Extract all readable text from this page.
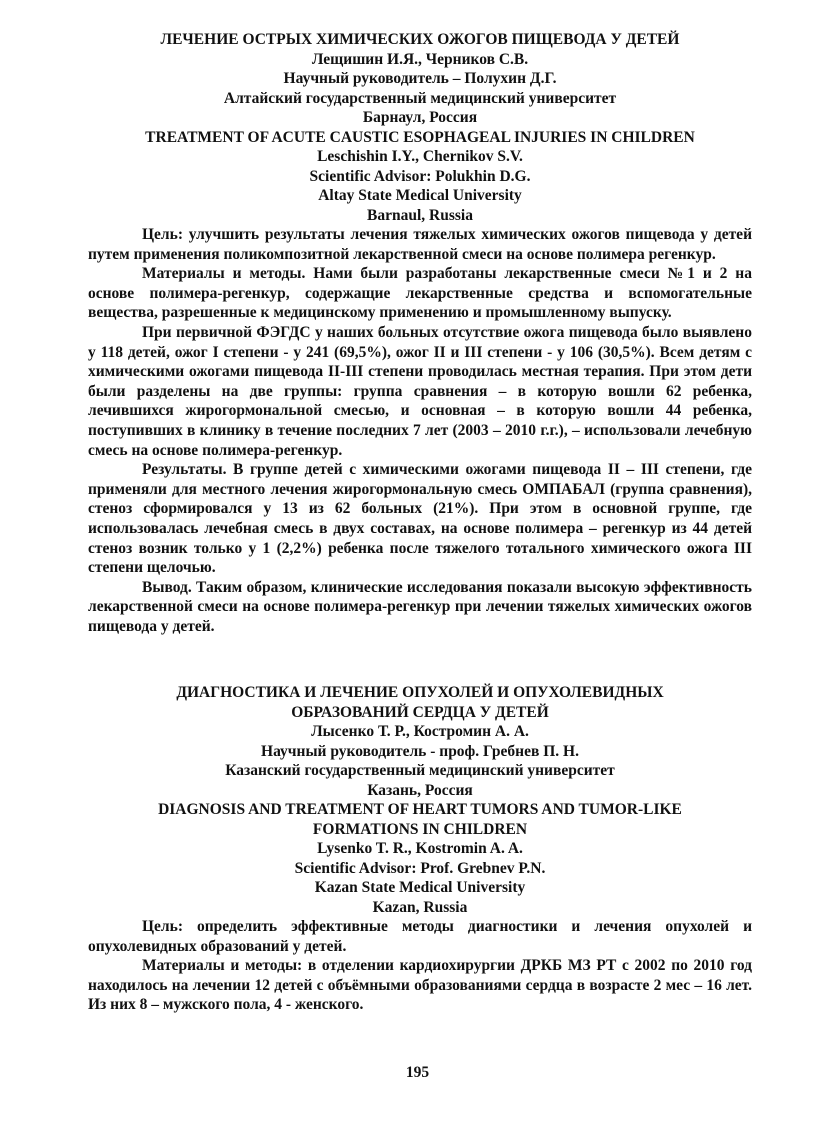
ЛЕЧЕНИЕ ОСТРЫХ ХИМИЧЕСКИХ ОЖОГОВ ПИЩЕВОДА У ДЕТЕЙ

Лещишин И.Я., Черников С.В.

Научный руководитель – Полухин Д.Г.

Алтайский государственный медицинский университет

Барнаул, Россия

TREATMENT OF ACUTE CAUSTIC ESOPHAGEAL INJURIES IN CHILDREN

Leschishin I.Y., Chernikov S.V.

Scientific Advisor: Polukhin D.G.

Altay State Medical University

Barnaul, Russia

Цель: улучшить результаты лечения тяжелых химических ожогов пищевода у детей путем применения поликомпозитной лекарственной смеси на основе полимера регенкур.

Материалы и методы. Нами были разработаны лекарственные смеси №1 и 2 на основе полимера-регенкур, содержащие лекарственные средства и вспомогательные вещества, разрешенные к медицинскому применению и промышленному выпуску.

При первичной ФЭГДС у наших больных отсутствие ожога пищевода было выявлено у 118 детей, ожог I степени - у 241 (69,5%), ожог II и III степени - у 106 (30,5%). Всем детям с химическими ожогами пищевода II-III степени проводилась местная терапия. При этом дети были разделены на две группы: группа сравнения – в которую вошли 62 ребенка, лечившихся жирогормональной смесью, и основная – в которую вошли 44 ребенка, поступивших в клинику в течение последних 7 лет (2003 – 2010 г.г.), – использовали лечебную смесь на основе полимера-регенкур.

Результаты. В группе детей с химическими ожогами пищевода II – III степени, где применяли для местного лечения жирогормональную смесь ОМПАБАЛ (группа сравнения), стеноз сформировался у 13 из 62 больных (21%). При этом в основной группе, где использовалась лечебная смесь в двух составах, на основе полимера – регенкур из 44 детей стеноз возник только у 1 (2,2%) ребенка после тяжелого тотального химического ожога III степени щелочью.

Вывод. Таким образом, клинические исследования показали высокую эффективность лекарственной смеси на основе полимера-регенкур при лечении тяжелых химических ожогов пищевода у детей.

ДИАГНОСТИКА И ЛЕЧЕНИЕ ОПУХОЛЕЙ И ОПУХОЛЕВИДНЫХ

ОБРАЗОВАНИЙ СЕРДЦА У ДЕТЕЙ

Лысенко Т. Р., Костромин А. А.

Научный руководитель - проф. Гребнев П. Н.

Казанский государственный медицинский университет

Казань, Россия

DIAGNOSIS AND TREATMENT OF HEART TUMORS AND TUMOR-LIKE

FORMATIONS IN CHILDREN

Lysenko T. R., Kostromin A. A.

Scientific Advisor: Prof. Grebnev P.N.

Kazan State Medical University

Kazan, Russia

Цель: определить эффективные методы диагностики и лечения опухолей и опухолевидных образований у детей.

Материалы и методы: в отделении кардиохирургии ДРКБ МЗ РТ с 2002 по 2010 год находилось на лечении 12 детей с объёмными образованиями сердца в возрасте 2 мес – 16 лет. Из них 8 – мужского пола, 4 - женского.

195
